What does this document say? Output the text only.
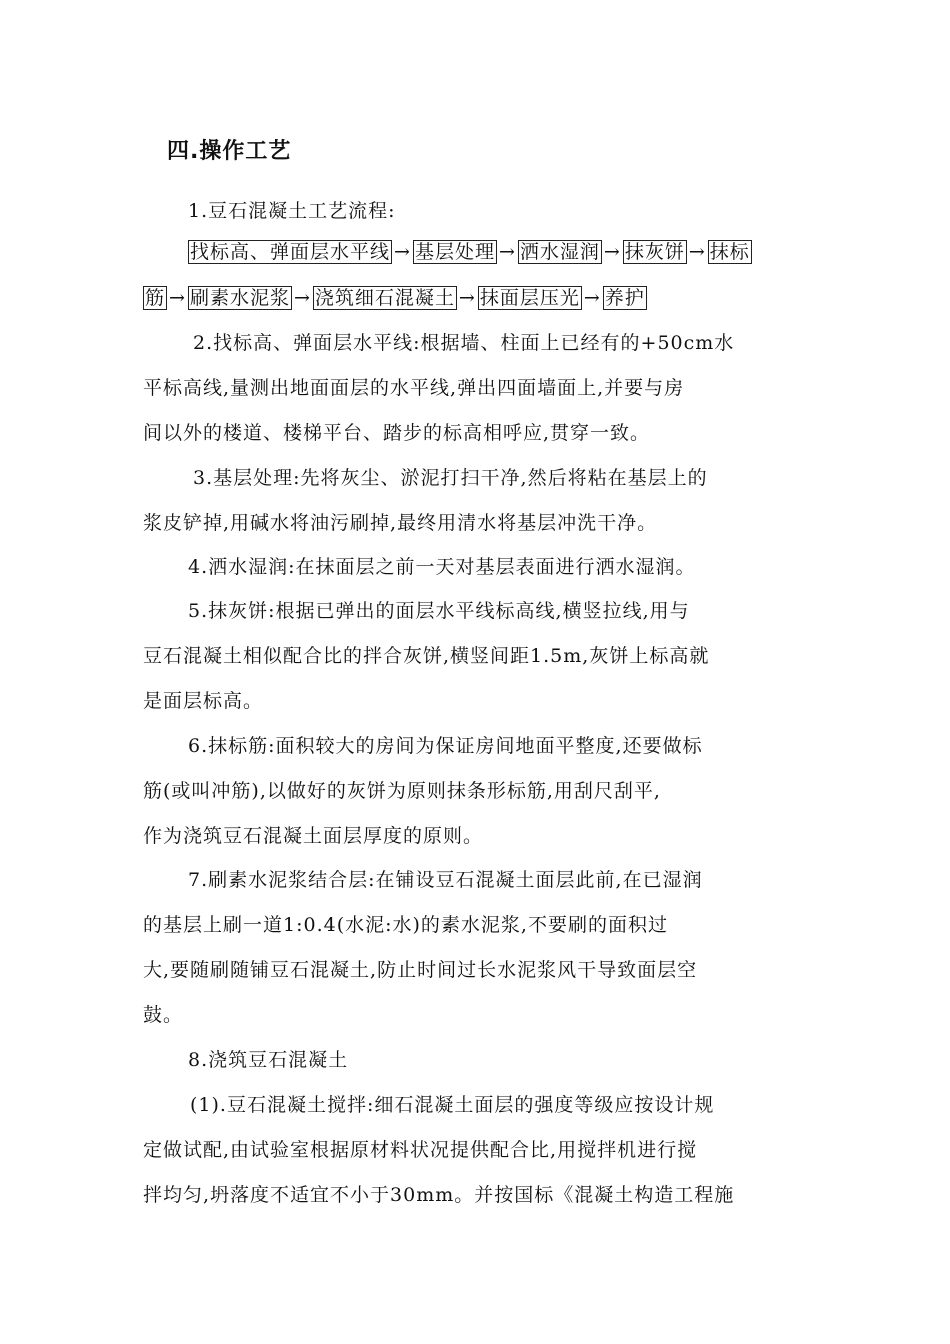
四.操作工艺
1.豆石混凝土工艺流程:
找标高、弹面层水平线 → 基层处理 → 洒水湿润 → 抹灰饼 → 抹标
筋 → 刷素水泥浆 → 浇筑细石混凝土 → 抹面层压光 → 养护
2.找标高、弹面层水平线:根据墙、柱面上已经有的+50cm水
平标高线,量测出地面面层的水平线,弹出四面墙面上,并要与房
间以外的楼道、楼梯平台、踏步的标高相呼应,贯穿一致。
3.基层处理:先将灰尘、淤泥打扫干净,然后将粘在基层上的
浆皮铲掉,用碱水将油污刷掉,最终用清水将基层冲洗干净。
4.洒水湿润:在抹面层之前一天对基层表面进行洒水湿润。
5.抹灰饼:根据已弹出的面层水平线标高线,横竖拉线,用与
豆石混凝土相似配合比的拌合灰饼,横竖间距1.5m,灰饼上标高就
是面层标高。
6.抹标筋:面积较大的房间为保证房间地面平整度,还要做标
筋(或叫冲筋),以做好的灰饼为原则抹条形标筋,用刮尺刮平,
作为浇筑豆石混凝土面层厚度的原则。
7.刷素水泥浆结合层:在铺设豆石混凝土面层此前,在已湿润
的基层上刷一道1:0.4(水泥:水)的素水泥浆,不要刷的面积过
大,要随刷随铺豆石混凝土,防止时间过长水泥浆风干导致面层空
鼓。
8.浇筑豆石混凝土
(1).豆石混凝土搅拌:细石混凝土面层的强度等级应按设计规
定做试配,由试验室根据原材料状况提供配合比,用搅拌机进行搅
拌均匀,坍落度不适宜不小于30mm。并按国标《混凝土构造工程施
